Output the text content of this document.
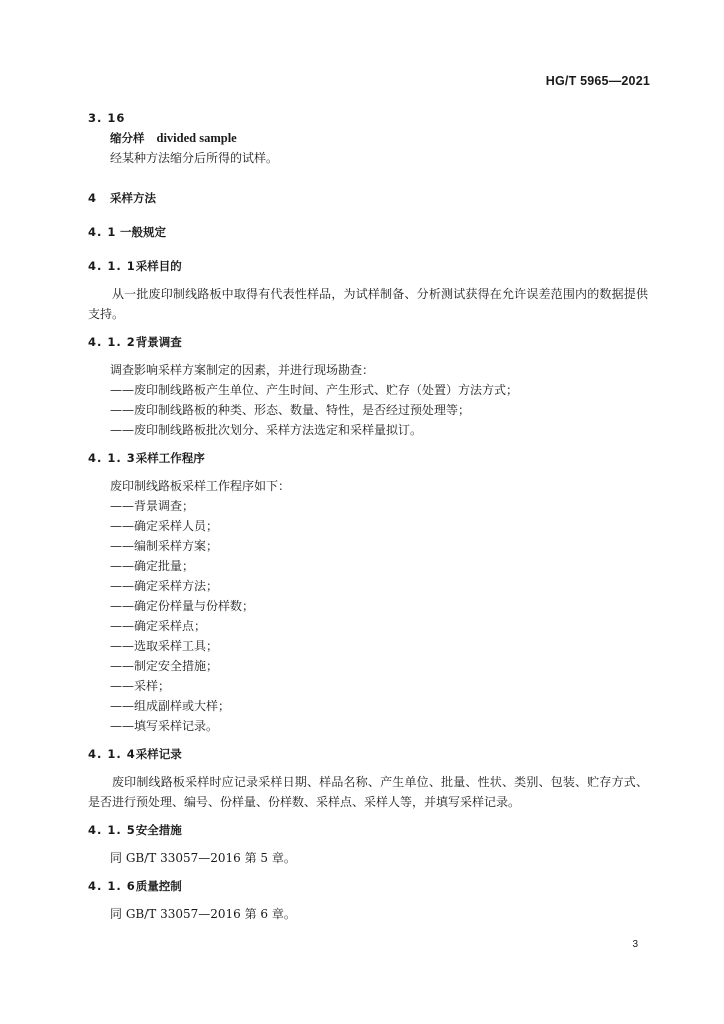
HG/T 5965—2021
3. 16
缩分样 divided sample

经某种方法缩分后所得的试样。

4 采样方法
4. 1 一般规定
4. 1. 1采样目的

从一批废印制线路板中取得有代表性样品，为试样制备、分析测试获得在允许误差范围内的数据提供支持。

4. 1. 2背景调查

调查影响采样方案制定的因素，并进行现场勘查：

——废印制线路板产生单位、产生时间、产生形式、贮存（处置）方法方式；

——废印制线路板的种类、形态、数量、特性，是否经过预处理等；

——废印制线路板批次划分、采样方法选定和采样量拟订。

4. 1. 3采样工作程序

废印制线路板采样工作程序如下：

——背景调查；

——确定采样人员；

——编制采样方案；

——确定批量；

——确定采样方法；

——确定份样量与份样数；

——确定采样点；

——选取采样工具；

——制定安全措施；

——采样；

——组成副样或大样；

——填写采样记录。

4. 1. 4采样记录

废印制线路板采样时应记录采样日期、样品名称、产生单位、批量、性状、类别、包装、贮存方式、是否进行预处理、编号、份样量、份样数、采样点、采样人等，并填写采样记录。

4. 1. 5安全措施

同 GB/T 33057—2016 第 5 章。

4. 1. 6质量控制

同 GB/T 33057—2016 第 6 章。

3
